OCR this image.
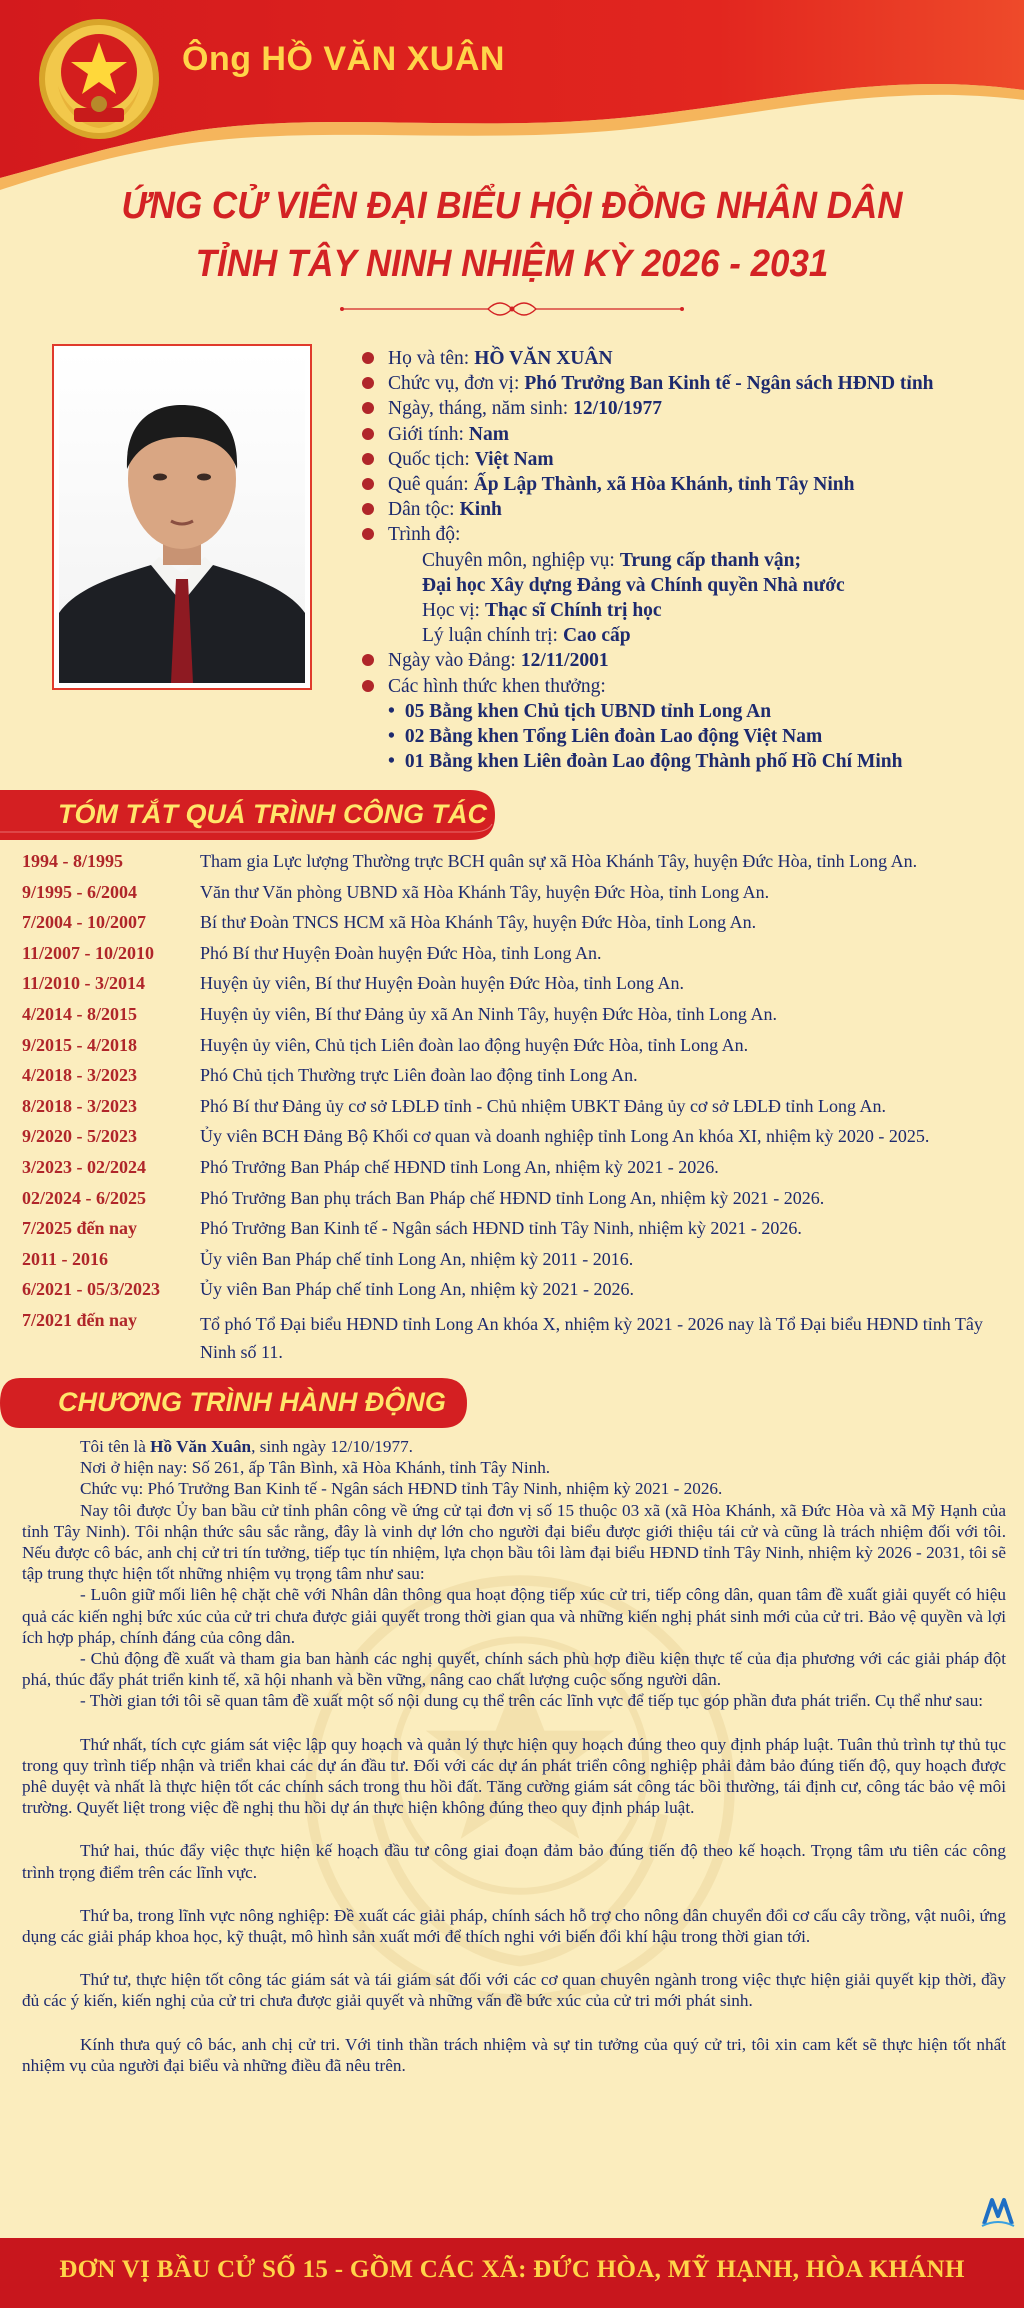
Ông HỒ VĂN XUÂN
ỨNG CỬ VIÊN ĐẠI BIỂU HỘI ĐỒNG NHÂN DÂN
TỈNH TÂY NINH NHIỆM KỲ 2026 - 2031
Họ và tên: HỒ VĂN XUÂN
Chức vụ, đơn vị: Phó Trưởng Ban Kinh tế - Ngân sách HĐND tỉnh
Ngày, tháng, năm sinh: 12/10/1977
Giới tính: Nam
Quốc tịch: Việt Nam
Quê quán: Ấp Lập Thành, xã Hòa Khánh, tỉnh Tây Ninh
Dân tộc: Kinh
Trình độ:
Chuyên môn, nghiệp vụ: Trung cấp thanh vận;
Đại học Xây dựng Đảng và Chính quyền Nhà nước
Học vị: Thạc sĩ Chính trị học
Lý luận chính trị: Cao cấp
Ngày vào Đảng: 12/11/2001
Các hình thức khen thưởng:
• 05 Bằng khen Chủ tịch UBND tỉnh Long An
• 02 Bằng khen Tổng Liên đoàn Lao động Việt Nam
• 01 Bằng khen Liên đoàn Lao động Thành phố Hồ Chí Minh
TÓM TẮT QUÁ TRÌNH CÔNG TÁC
1994 - 8/1995	Tham gia Lực lượng Thường trực BCH quân sự xã Hòa Khánh Tây, huyện Đức Hòa, tỉnh Long An.
9/1995 - 6/2004	Văn thư Văn phòng UBND xã Hòa Khánh Tây, huyện Đức Hòa, tỉnh Long An.
7/2004 - 10/2007	Bí thư Đoàn TNCS HCM xã Hòa Khánh Tây, huyện Đức Hòa, tỉnh Long An.
11/2007 - 10/2010	Phó Bí thư Huyện Đoàn huyện Đức Hòa, tỉnh Long An.
11/2010 - 3/2014	Huyện ủy viên, Bí thư Huyện Đoàn huyện Đức Hòa, tỉnh Long An.
4/2014 - 8/2015	Huyện ủy viên, Bí thư Đảng ủy xã An Ninh Tây, huyện Đức Hòa, tỉnh Long An.
9/2015 - 4/2018	Huyện ủy viên, Chủ tịch Liên đoàn lao động huyện Đức Hòa, tỉnh Long An.
4/2018 - 3/2023	Phó Chủ tịch Thường trực Liên đoàn lao động tỉnh Long An.
8/2018 - 3/2023	Phó Bí thư Đảng ủy cơ sở LĐLĐ tỉnh - Chủ nhiệm UBKT Đảng ủy cơ sở LĐLĐ tỉnh Long An.
9/2020 - 5/2023	Ủy viên BCH Đảng Bộ Khối cơ quan và doanh nghiệp tỉnh Long An khóa XI, nhiệm kỳ 2020 - 2025.
3/2023 - 02/2024	Phó Trưởng Ban Pháp chế HĐND tỉnh Long An, nhiệm kỳ 2021 - 2026.
02/2024 - 6/2025	Phó Trưởng Ban phụ trách Ban Pháp chế HĐND tỉnh Long An, nhiệm kỳ 2021 - 2026.
7/2025 đến nay	Phó Trưởng Ban Kinh tế - Ngân sách HĐND tỉnh Tây Ninh, nhiệm kỳ 2021 - 2026.
2011 - 2016	Ủy viên Ban Pháp chế tỉnh Long An, nhiệm kỳ 2011 - 2016.
6/2021 - 05/3/2023	Ủy viên Ban Pháp chế tỉnh Long An, nhiệm kỳ 2021 - 2026.
7/2021 đến nay	Tổ phó Tổ Đại biểu HĐND tỉnh Long An khóa X, nhiệm kỳ 2021 - 2026 nay là Tổ Đại biểu HĐND tỉnh Tây Ninh số 11.
CHƯƠNG TRÌNH HÀNH ĐỘNG

Tôi tên là Hồ Văn Xuân, sinh ngày 12/10/1977.

Nơi ở hiện nay: Số 261, ấp Tân Bình, xã Hòa Khánh, tỉnh Tây Ninh.

Chức vụ: Phó Trưởng Ban Kinh tế - Ngân sách HĐND tỉnh Tây Ninh, nhiệm kỳ 2021 - 2026.

Nay tôi được Ủy ban bầu cử tỉnh phân công về ứng cử tại đơn vị số 15 thuộc 03 xã (xã Hòa Khánh, xã Đức Hòa và xã Mỹ Hạnh của tỉnh Tây Ninh). Tôi nhận thức sâu sắc rằng, đây là vinh dự lớn cho người đại biểu được giới thiệu tái cử và cũng là trách nhiệm đối với tôi. Nếu được cô bác, anh chị cử tri tín tưởng, tiếp tục tín nhiệm, lựa chọn bầu tôi làm đại biểu HĐND tỉnh Tây Ninh, nhiệm kỳ 2026 - 2031, tôi sẽ tập trung thực hiện tốt những nhiệm vụ trọng tâm như sau:

- Luôn giữ mối liên hệ chặt chẽ với Nhân dân thông qua hoạt động tiếp xúc cử tri, tiếp công dân, quan tâm đề xuất giải quyết có hiệu quả các kiến nghị bức xúc của cử tri chưa được giải quyết trong thời gian qua và những kiến nghị phát sinh mới của cử tri. Bảo vệ quyền và lợi ích hợp pháp, chính đáng của công dân.

- Chủ động đề xuất và tham gia ban hành các nghị quyết, chính sách phù hợp điều kiện thực tế của địa phương với các giải pháp đột phá, thúc đẩy phát triển kinh tế, xã hội nhanh và bền vững, nâng cao chất lượng cuộc sống người dân.

- Thời gian tới tôi sẽ quan tâm đề xuất một số nội dung cụ thể trên các lĩnh vực để tiếp tục góp phần đưa phát triển. Cụ thể như sau:

Thứ nhất, tích cực giám sát việc lập quy hoạch và quản lý thực hiện quy hoạch đúng theo quy định pháp luật. Tuân thủ trình tự thủ tục trong quy trình tiếp nhận và triển khai các dự án đầu tư. Đối với các dự án phát triển công nghiệp phải đảm bảo đúng tiến độ, quy hoạch được phê duyệt và nhất là thực hiện tốt các chính sách trong thu hồi đất. Tăng cường giám sát công tác bồi thường, tái định cư, công tác bảo vệ môi trường. Quyết liệt trong việc đề nghị thu hồi dự án thực hiện không đúng theo quy định pháp luật.

Thứ hai, thúc đẩy việc thực hiện kế hoạch đầu tư công giai đoạn đảm bảo đúng tiến độ theo kế hoạch. Trọng tâm ưu tiên các công trình trọng điểm trên các lĩnh vực.

Thứ ba, trong lĩnh vực nông nghiệp: Đề xuất các giải pháp, chính sách hỗ trợ cho nông dân chuyển đổi cơ cấu cây trồng, vật nuôi, ứng dụng các giải pháp khoa học, kỹ thuật, mô hình sản xuất mới để thích nghi với biến đổi khí hậu trong thời gian tới.

Thứ tư, thực hiện tốt công tác giám sát và tái giám sát đối với các cơ quan chuyên ngành trong việc thực hiện giải quyết kịp thời, đầy đủ các ý kiến, kiến nghị của cử tri chưa được giải quyết và những vấn đề bức xúc của cử tri mới phát sinh.

Kính thưa quý cô bác, anh chị cử tri. Với tinh thần trách nhiệm và sự tin tưởng của quý cử tri, tôi xin cam kết sẽ thực hiện tốt nhất nhiệm vụ của người đại biểu và những điều đã nêu trên.

ĐƠN VỊ BẦU CỬ SỐ 15 - GỒM CÁC XÃ: ĐỨC HÒA, MỸ HẠNH, HÒA KHÁNH
